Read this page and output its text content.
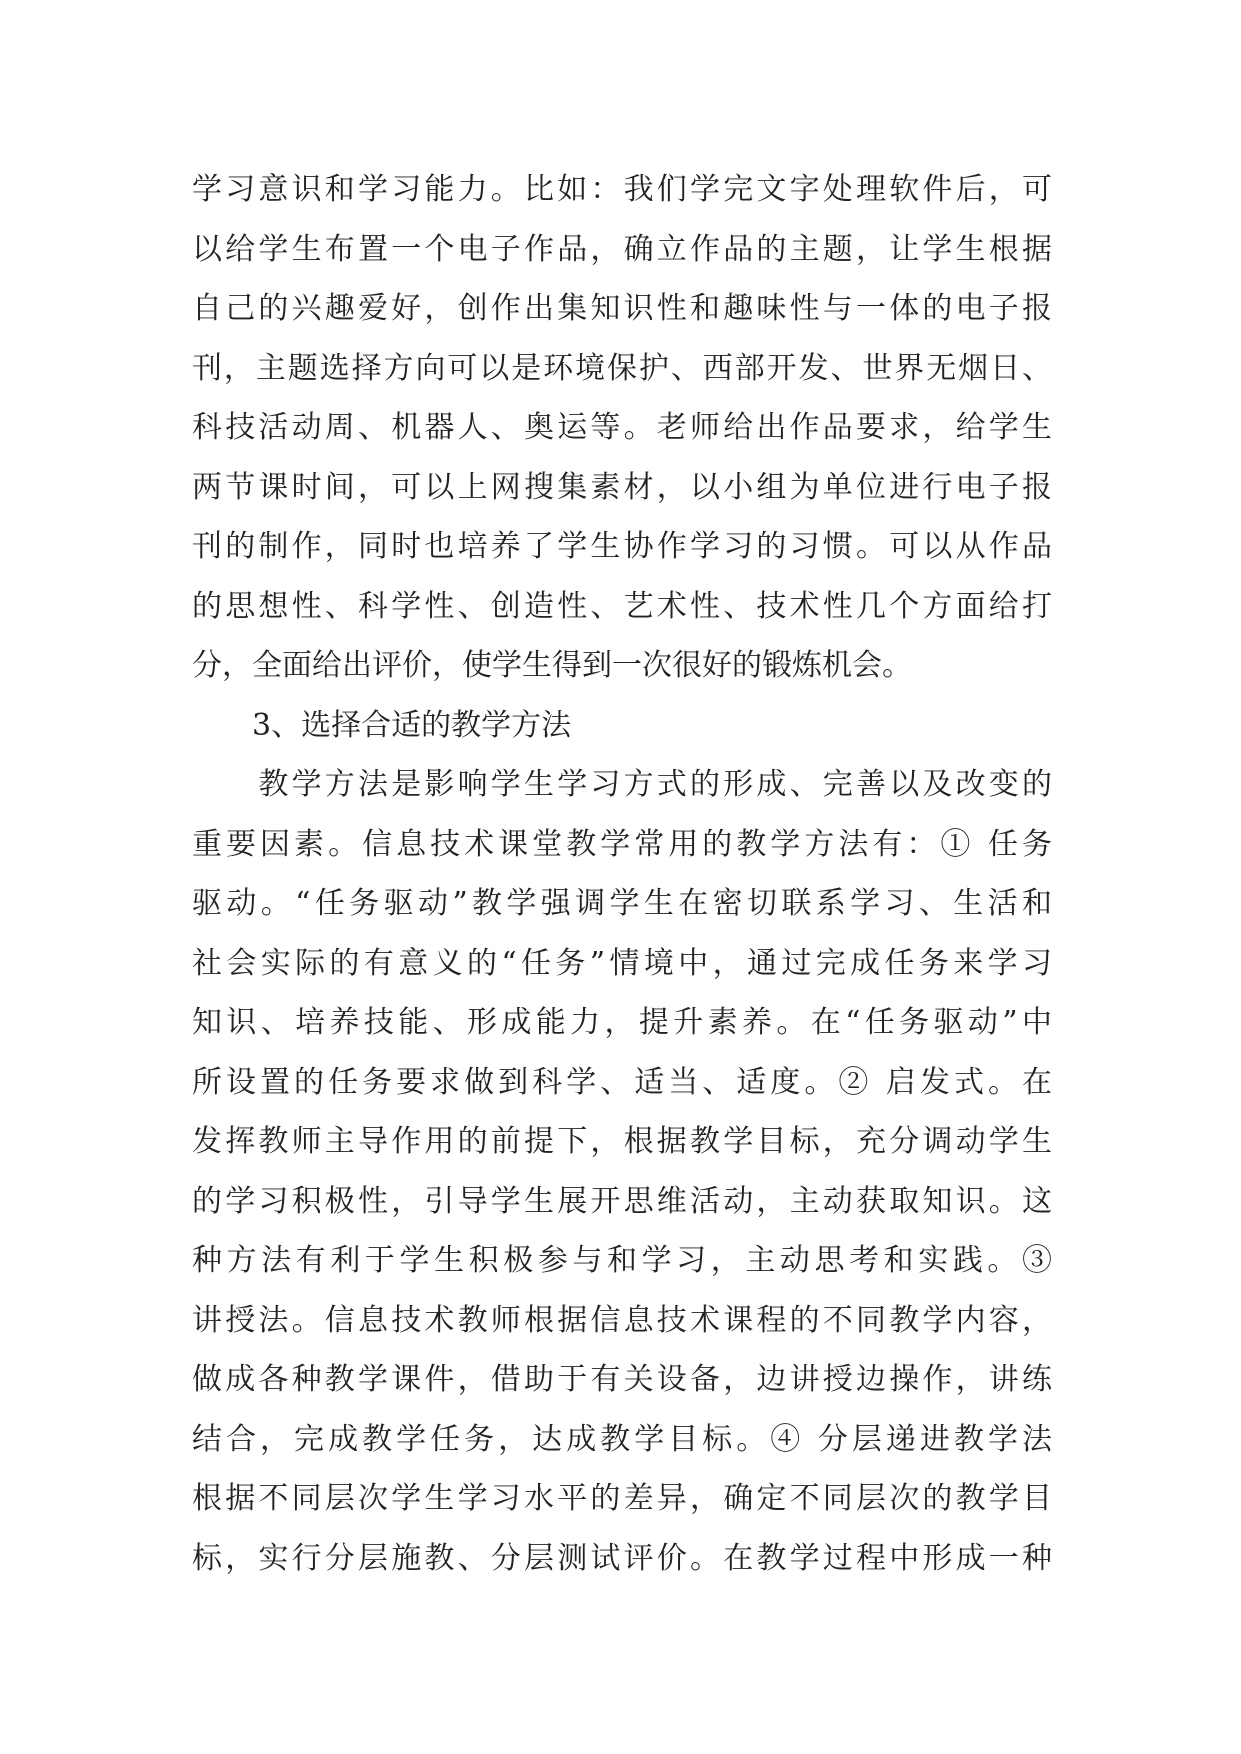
学习意识和学习能力。比如：我们学完文字处理软件后，可
以给学生布置一个电子作品，确立作品的主题，让学生根据
自己的兴趣爱好，创作出集知识性和趣味性与一体的电子报
刊，主题选择方向可以是环境保护、西部开发、世界无烟日、
科技活动周、机器人、奥运等。老师给出作品要求，给学生
两节课时间，可以上网搜集素材，以小组为单位进行电子报
刊的制作，同时也培养了学生协作学习的习惯。可以从作品
的思想性、科学性、创造性、艺术性、技术性几个方面给打
分，全面给出评价，使学生得到一次很好的锻炼机会。
　　3、选择合适的教学方法
　　教学方法是影响学生学习方式的形成、完善以及改变的
重要因素。信息技术课堂教学常用的教学方法有：① 任务
驱动。“任务驱动”教学强调学生在密切联系学习、生活和
社会实际的有意义的“任务”情境中，通过完成任务来学习
知识、培养技能、形成能力，提升素养。在“任务驱动”中
所设置的任务要求做到科学、适当、适度。② 启发式。在
发挥教师主导作用的前提下，根据教学目标，充分调动学生
的学习积极性，引导学生展开思维活动，主动获取知识。这
种方法有利于学生积极参与和学习，主动思考和实践。③
讲授法。信息技术教师根据信息技术课程的不同教学内容，
做成各种教学课件，借助于有关设备，边讲授边操作，讲练
结合，完成教学任务，达成教学目标。④ 分层递进教学法
根据不同层次学生学习水平的差异，确定不同层次的教学目
标，实行分层施教、分层测试评价。在教学过程中形成一种
